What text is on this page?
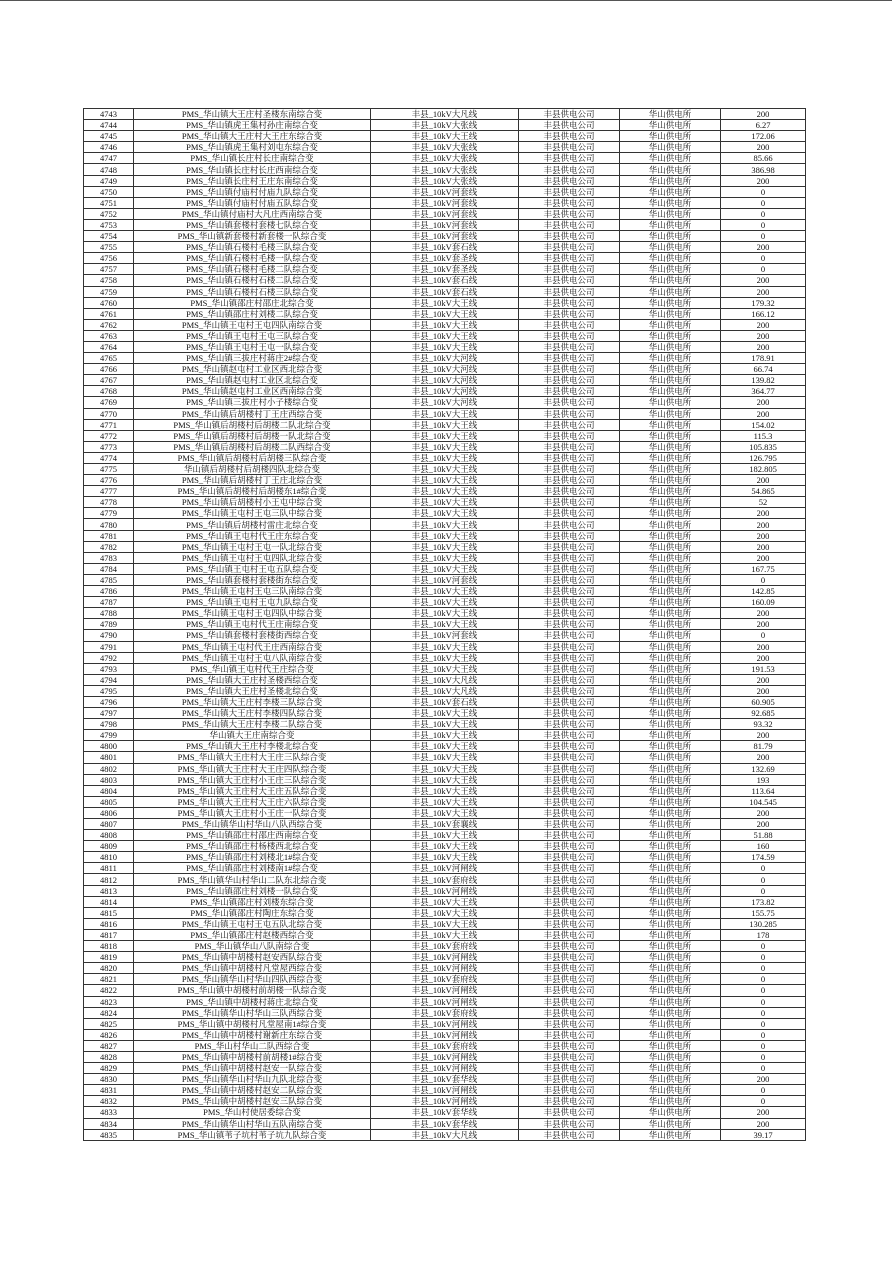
4743	PMS_华山镇大王庄村圣楼东南综合变	丰县_10kV大凡线	丰县供电公司	华山供电所	200
4744	PMS_华山镇虎王集村孙庄南综合变	丰县_10kV大张线	丰县供电公司	华山供电所	6.27
4745	PMS_华山镇大王庄村大王庄东综合变	丰县_10kV大王线	丰县供电公司	华山供电所	172.06
4746	PMS_华山镇虎王集村刘屯东综合变	丰县_10kV大张线	丰县供电公司	华山供电所	200
4747	PMS_华山镇长庄村长庄南综合变	丰县_10kV大张线	丰县供电公司	华山供电所	85.66
4748	PMS_华山镇长庄村长庄西南综合变	丰县_10kV大张线	丰县供电公司	华山供电所	386.98
4749	PMS_华山镇长庄村王庄东南综合变	丰县_10kV大张线	丰县供电公司	华山供电所	200
4750	PMS_华山镇付庙村付庙九队综合变	丰县_10kV河套线	丰县供电公司	华山供电所	0
4751	PMS_华山镇付庙村付庙五队综合变	丰县_10kV河套线	丰县供电公司	华山供电所	0
4752	PMS_华山镇付庙村大凡庄西南综合变	丰县_10kV河套线	丰县供电公司	华山供电所	0
4753	PMS_华山镇套楼村套楼七队综合变	丰县_10kV河套线	丰县供电公司	华山供电所	0
4754	PMS_华山镇新套楼村新套楼一队综合变	丰县_10kV河套线	丰县供电公司	华山供电所	0
4755	PMS_华山镇石楼村毛楼三队综合变	丰县_10kV套石线	丰县供电公司	华山供电所	200
4756	PMS_华山镇石楼村毛楼一队综合变	丰县_10kV套圣线	丰县供电公司	华山供电所	0
4757	PMS_华山镇石楼村毛楼二队综合变	丰县_10kV套圣线	丰县供电公司	华山供电所	0
4758	PMS_华山镇石楼村石楼二队综合变	丰县_10kV套石线	丰县供电公司	华山供电所	200
4759	PMS_华山镇石楼村石楼三队综合变	丰县_10kV套石线	丰县供电公司	华山供电所	200
4760	PMS_华山镇邵庄村邵庄北综合变	丰县_10kV大王线	丰县供电公司	华山供电所	179.32
4761	PMS_华山镇邵庄村刘楼二队综合变	丰县_10kV大王线	丰县供电公司	华山供电所	166.12
4762	PMS_华山镇王屯村王屯四队南综合变	丰县_10kV大王线	丰县供电公司	华山供电所	200
4763	PMS_华山镇王屯村王屯三队综合变	丰县_10kV大王线	丰县供电公司	华山供电所	200
4764	PMS_华山镇王屯村王屯一队综合变	丰县_10kV大王线	丰县供电公司	华山供电所	200
4765	PMS_华山镇三拔庄村蒋庄2#综合变	丰县_10kV大河线	丰县供电公司	华山供电所	178.91
4766	PMS_华山镇赵屯村工业区西北综合变	丰县_10kV大河线	丰县供电公司	华山供电所	66.74
4767	PMS_华山镇赵屯村工业区北综合变	丰县_10kV大河线	丰县供电公司	华山供电所	139.82
4768	PMS_华山镇赵屯村工业区西南综合变	丰县_10kV大河线	丰县供电公司	华山供电所	364.77
4769	PMS_华山镇三拔庄村小子楼综合变	丰县_10kV大河线	丰县供电公司	华山供电所	200
4770	PMS_华山镇后胡楼村丁王庄西综合变	丰县_10kV大王线	丰县供电公司	华山供电所	200
4771	PMS_华山镇后胡楼村后胡楼二队北综合变	丰县_10kV大王线	丰县供电公司	华山供电所	154.02
4772	PMS_华山镇后胡楼村后胡楼一队北综合变	丰县_10kV大王线	丰县供电公司	华山供电所	115.3
4773	PMS_华山镇后胡楼村后胡楼二队西综合变	丰县_10kV大王线	丰县供电公司	华山供电所	105.835
4774	PMS_华山镇后胡楼村后胡楼三队综合变	丰县_10kV大王线	丰县供电公司	华山供电所	126.795
4775	华山镇后胡楼村后胡楼四队北综合变	丰县_10kV大王线	丰县供电公司	华山供电所	182.805
4776	PMS_华山镇后胡楼村丁王庄北综合变	丰县_10kV大王线	丰县供电公司	华山供电所	200
4777	PMS_华山镇后胡楼村后胡楼东1#综合变	丰县_10kV大王线	丰县供电公司	华山供电所	54.865
4778	PMS_华山镇后胡楼村小王屯中综合变	丰县_10kV大王线	丰县供电公司	华山供电所	52
4779	PMS_华山镇王屯村王屯三队中综合变	丰县_10kV大王线	丰县供电公司	华山供电所	200
4780	PMS_华山镇后胡楼村雷庄北综合变	丰县_10kV大王线	丰县供电公司	华山供电所	200
4781	PMS_华山镇王屯村代王庄东综合变	丰县_10kV大王线	丰县供电公司	华山供电所	200
4782	PMS_华山镇王屯村王屯一队北综合变	丰县_10kV大王线	丰县供电公司	华山供电所	200
4783	PMS_华山镇王屯村王屯四队北综合变	丰县_10kV大王线	丰县供电公司	华山供电所	200
4784	PMS_华山镇王屯村王屯五队综合变	丰县_10kV大王线	丰县供电公司	华山供电所	167.75
4785	PMS_华山镇套楼村套楼街东综合变	丰县_10kV河套线	丰县供电公司	华山供电所	0
4786	PMS_华山镇王屯村王屯三队南综合变	丰县_10kV大王线	丰县供电公司	华山供电所	142.85
4787	PMS_华山镇王屯村王屯九队综合变	丰县_10kV大王线	丰县供电公司	华山供电所	160.09
4788	PMS_华山镇王屯村王屯四队中综合变	丰县_10kV大王线	丰县供电公司	华山供电所	200
4789	PMS_华山镇王屯村代王庄南综合变	丰县_10kV大王线	丰县供电公司	华山供电所	200
4790	PMS_华山镇套楼村套楼街西综合变	丰县_10kV河套线	丰县供电公司	华山供电所	0
4791	PMS_华山镇王屯村代王庄西南综合变	丰县_10kV大王线	丰县供电公司	华山供电所	200
4792	PMS_华山镇王屯村王屯八队南综合变	丰县_10kV大王线	丰县供电公司	华山供电所	200
4793	PMS_华山镇王屯村代王庄综合变	丰县_10kV大王线	丰县供电公司	华山供电所	191.53
4794	PMS_华山镇大王庄村圣楼西综合变	丰县_10kV大凡线	丰县供电公司	华山供电所	200
4795	PMS_华山镇大王庄村圣楼北综合变	丰县_10kV大凡线	丰县供电公司	华山供电所	200
4796	PMS_华山镇大王庄村李楼三队综合变	丰县_10kV套石线	丰县供电公司	华山供电所	60.905
4797	PMS_华山镇大王庄村李楼四队综合变	丰县_10kV大王线	丰县供电公司	华山供电所	92.685
4798	PMS_华山镇大王庄村李楼二队综合变	丰县_10kV大王线	丰县供电公司	华山供电所	93.32
4799	华山镇大王庄南综合变	丰县_10kV大王线	丰县供电公司	华山供电所	200
4800	PMS_华山镇大王庄村李楼北综合变	丰县_10kV大王线	丰县供电公司	华山供电所	81.79
4801	PMS_华山镇大王庄村大王庄三队综合变	丰县_10kV大王线	丰县供电公司	华山供电所	200
4802	PMS_华山镇大王庄村大王庄四队综合变	丰县_10kV大王线	丰县供电公司	华山供电所	132.69
4803	PMS_华山镇大王庄村小王庄三队综合变	丰县_10kV大王线	丰县供电公司	华山供电所	193
4804	PMS_华山镇大王庄村大王庄五队综合变	丰县_10kV大王线	丰县供电公司	华山供电所	113.64
4805	PMS_华山镇大王庄村大王庄六队综合变	丰县_10kV大王线	丰县供电公司	华山供电所	104.545
4806	PMS_华山镇大王庄村小王庄一队综合变	丰县_10kV大王线	丰县供电公司	华山供电所	200
4807	PMS_华山镇华山村华山八队西综合变	丰县_10kV套襄线	丰县供电公司	华山供电所	200
4808	PMS_华山镇邵庄村邵庄西南综合变	丰县_10kV大王线	丰县供电公司	华山供电所	51.88
4809	PMS_华山镇邵庄村杨楼西北综合变	丰县_10kV大王线	丰县供电公司	华山供电所	160
4810	PMS_华山镇邵庄村刘楼北1#综合变	丰县_10kV大王线	丰县供电公司	华山供电所	174.59
4811	PMS_华山镇邵庄村刘楼南1#综合变	丰县_10kV河闸线	丰县供电公司	华山供电所	0
4812	PMS_华山镇华山村华山二队东北综合变	丰县_10kV套府线	丰县供电公司	华山供电所	0
4813	PMS_华山镇邵庄村刘楼一队综合变	丰县_10kV河闸线	丰县供电公司	华山供电所	0
4814	PMS_华山镇邵庄村刘楼东综合变	丰县_10kV大王线	丰县供电公司	华山供电所	173.82
4815	PMS_华山镇邵庄村陶庄东综合变	丰县_10kV大王线	丰县供电公司	华山供电所	155.75
4816	PMS_华山镇王屯村王屯五队北综合变	丰县_10kV大王线	丰县供电公司	华山供电所	130.285
4817	PMS_华山镇邵庄村赵楼西综合变	丰县_10kV大王线	丰县供电公司	华山供电所	178
4818	PMS_华山镇华山八队南综合变	丰县_10kV套府线	丰县供电公司	华山供电所	0
4819	PMS_华山镇中胡楼村赵安西队综合变	丰县_10kV河闸线	丰县供电公司	华山供电所	0
4820	PMS_华山镇中胡楼村凡堂屋西综合变	丰县_10kV河闸线	丰县供电公司	华山供电所	0
4821	PMS_华山镇华山村华山四队西综合变	丰县_10kV套府线	丰县供电公司	华山供电所	0
4822	PMS_华山镇中胡楼村前胡楼一队综合变	丰县_10kV河闸线	丰县供电公司	华山供电所	0
4823	PMS_华山镇中胡楼村蒋庄北综合变	丰县_10kV河闸线	丰县供电公司	华山供电所	0
4824	PMS_华山镇华山村华山三队西综合变	丰县_10kV套府线	丰县供电公司	华山供电所	0
4825	PMS_华山镇中胡楼村凡堂屋南1#综合变	丰县_10kV河闸线	丰县供电公司	华山供电所	0
4826	PMS_华山镇中胡楼村谢新庄东综合变	丰县_10kV河闸线	丰县供电公司	华山供电所	0
4827	PMS_华山村华山二队西综合变	丰县_10kV套府线	丰县供电公司	华山供电所	0
4828	PMS_华山镇中胡楼村前胡楼1#综合变	丰县_10kV河闸线	丰县供电公司	华山供电所	0
4829	PMS_华山镇中胡楼村赵安一队综合变	丰县_10kV河闸线	丰县供电公司	华山供电所	0
4830	PMS_华山镇华山村华山九队北综合变	丰县_10kV套华线	丰县供电公司	华山供电所	200
4831	PMS_华山镇中胡楼村赵安二队综合变	丰县_10kV河闸线	丰县供电公司	华山供电所	0
4832	PMS_华山镇中胡楼村赵安三队综合变	丰县_10kV河闸线	丰县供电公司	华山供电所	0
4833	PMS_华山村使居委综合变	丰县_10kV套华线	丰县供电公司	华山供电所	200
4834	PMS_华山镇华山村华山五队南综合变	丰县_10kV套华线	丰县供电公司	华山供电所	200
4835	PMS_华山镇苇子坑村苇子坑九队综合变	丰县_10kV大凡线	丰县供电公司	华山供电所	39.17
